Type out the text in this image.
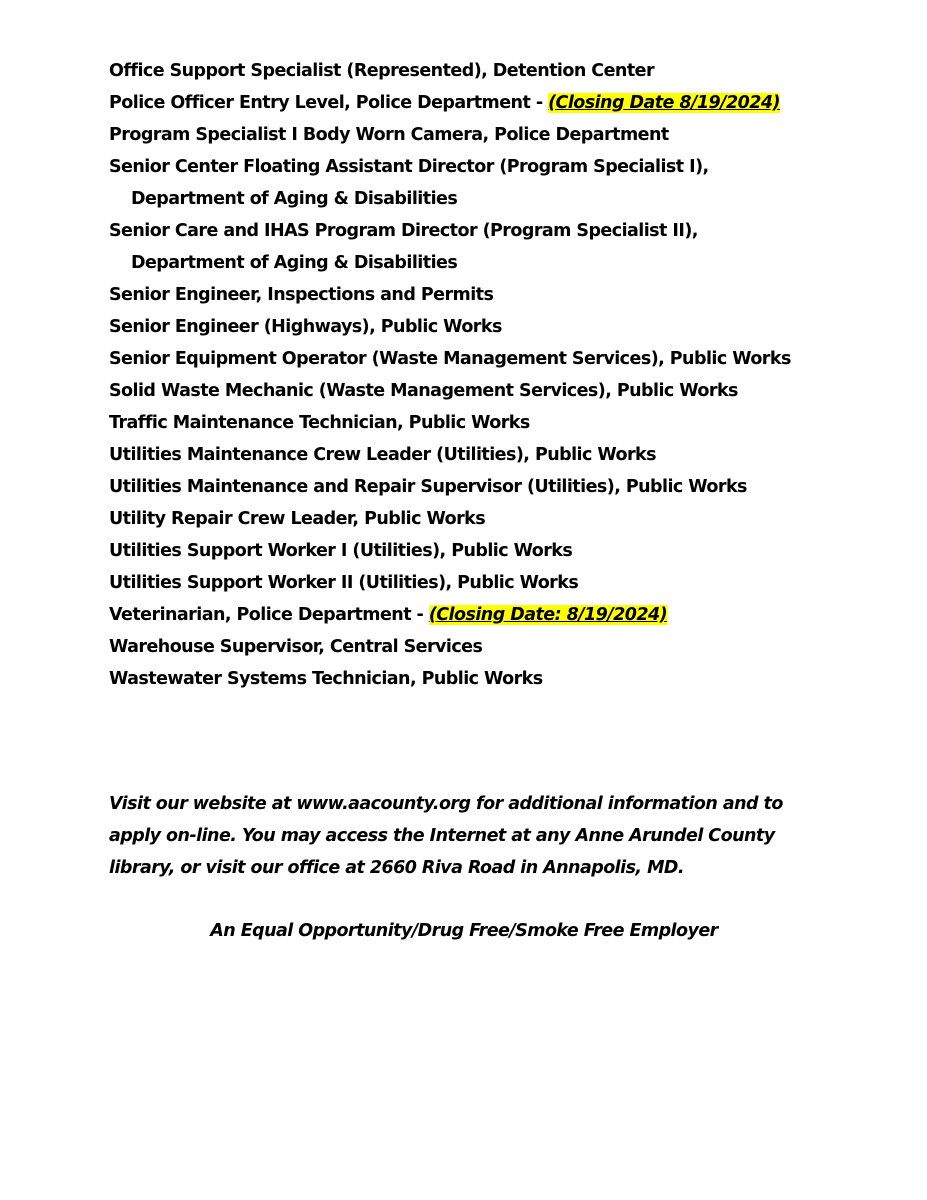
Office Support Specialist (Represented), Detention Center
Police Officer Entry Level, Police Department - (Closing Date 8/19/2024)
Program Specialist I Body Worn Camera, Police Department
Senior Center Floating Assistant Director (Program Specialist I), Department of Aging & Disabilities
Senior Care and IHAS Program Director (Program Specialist II), Department of Aging & Disabilities
Senior Engineer, Inspections and Permits
Senior Engineer (Highways), Public Works
Senior Equipment Operator (Waste Management Services), Public Works
Solid Waste Mechanic (Waste Management Services), Public Works
Traffic Maintenance Technician, Public Works
Utilities Maintenance Crew Leader (Utilities), Public Works
Utilities Maintenance and Repair Supervisor (Utilities), Public Works
Utility Repair Crew Leader, Public Works
Utilities Support Worker I (Utilities), Public Works
Utilities Support Worker II (Utilities), Public Works
Veterinarian, Police Department - (Closing Date: 8/19/2024)
Warehouse Supervisor, Central Services
Wastewater Systems Technician, Public Works

Visit our website at www.aacounty.org for additional information and to apply on-line. You may access the Internet at any Anne Arundel County library, or visit our office at 2660 Riva Road in Annapolis, MD.

An Equal Opportunity/Drug Free/Smoke Free Employer
